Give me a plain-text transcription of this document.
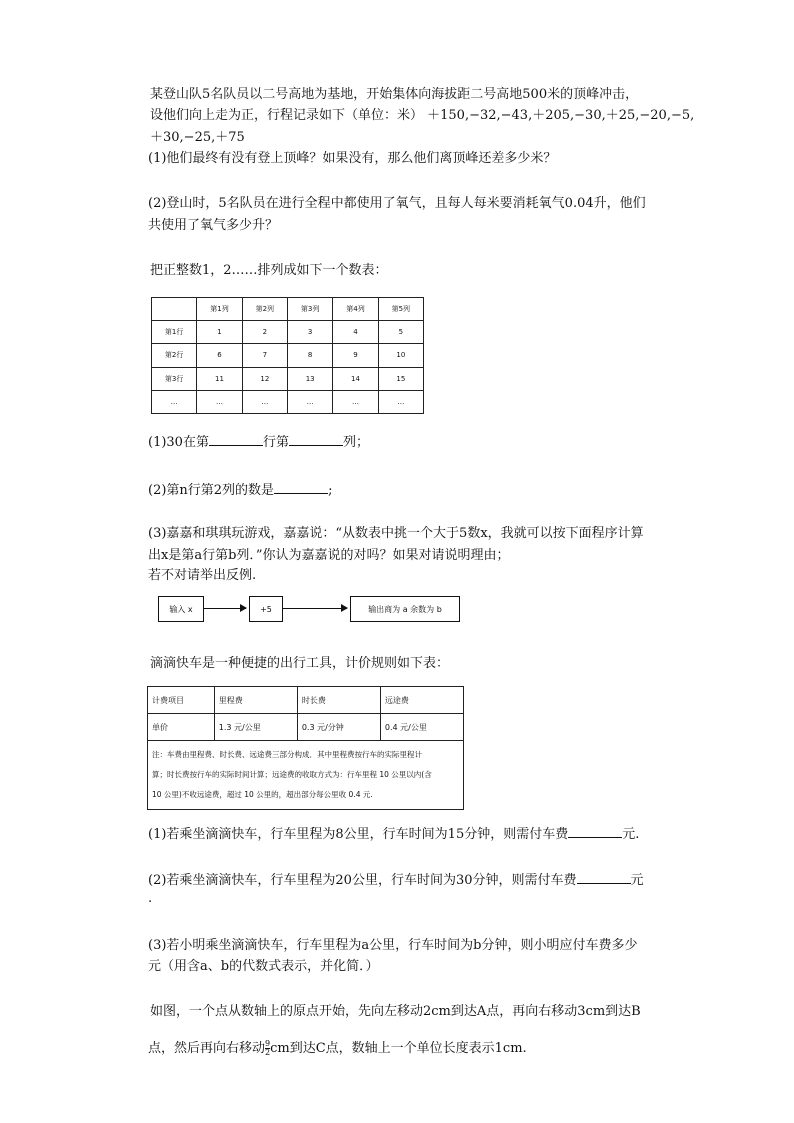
某登山队5名队员以二号高地为基地，开始集体向海拔距二号高地500米的顶峰冲击，
设他们向上走为正，行程记录如下（单位：米） ＋150,−32,−43,＋205,−30,＋25,−20,−5,
＋30,−25,＋75
(1)他们最终有没有登上顶峰？如果没有，那么他们离顶峰还差多少米？
(2)登山时，5名队员在进行全程中都使用了氧气，且每人每米要消耗氧气0.04升，他们
共使用了氧气多少升？
把正整数1，2……排列成如下一个数表：
	第1列	第2列	第3列	第4列	第5列
第1行	1	2	3	4	5
第2行	6	7	8	9	10
第3行	11	12	13	14	15
…	…	…	…	…	…
(1)30在第	行第	列；
(2)第n行第2列的数是	;
(3)嘉嘉和琪琪玩游戏，嘉嘉说：“从数表中挑一个大于5数x，我就可以按下面程序计算
出x是第a行第b列．”你认为嘉嘉说的对吗？如果对请说明理由；
若不对请举出反例.
输入 x	+5	输出商为 a 余数为 b
滴滴快车是一种便捷的出行工具，计价规则如下表：
计费项目	里程费	时长费	远途费
单价	1.3 元/公里	0.3 元/分钟	0.4 元/公里

注：车费由里程费、时长费、远途费三部分构成．其中里程费按行车的实际里程计
算；时长费按行车的实际时间计算；远途费的收取方式为：行车里程 10 公里以内(含
10 公里)不收远途费，超过 10 公里的，超出部分每公里收 0.4 元.			
(1)若乘坐滴滴快车，行车里程为8公里，行车时间为15分钟，则需付车费	元.
(2)若乘坐滴滴快车，行车里程为20公里，行车时间为30分钟，则需付车费	元
.
(3)若小明乘坐滴滴快车，行车里程为a公里，行车时间为b分钟，则小明应付车费多少
元（用含a、b的代数式表示，并化简．）
如图，一个点从数轴上的原点开始，先向左移动2cm到达A点，再向右移动3cm到达B
点，然后再向右移动 $\frac{9}{2}$ cm到达C点，数轴上一个单位长度表示1cm.
